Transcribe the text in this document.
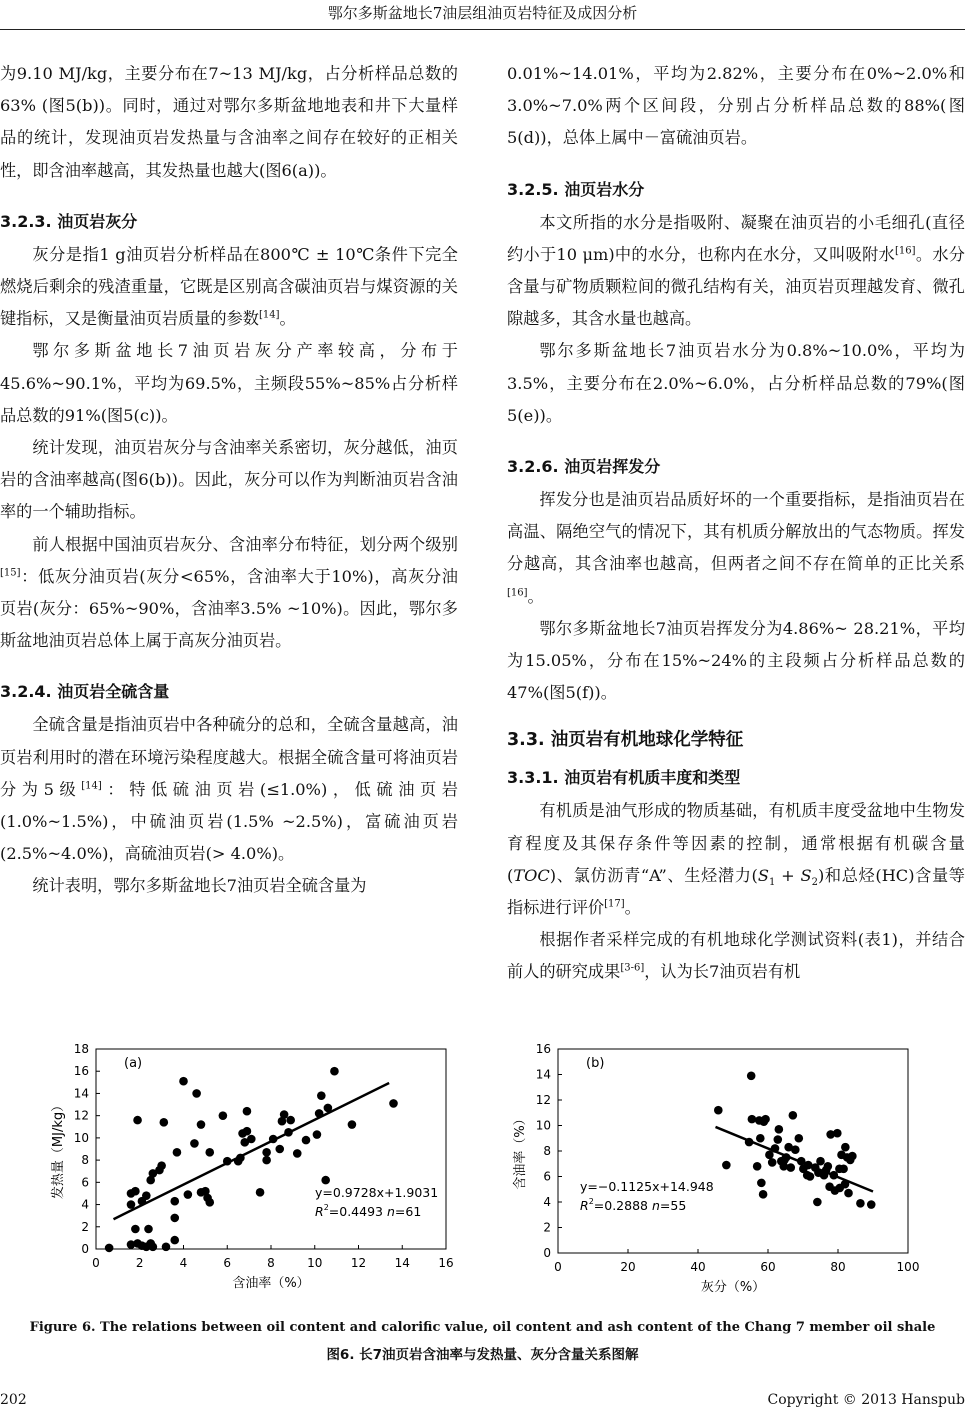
鄂尔多斯盆地长7油层组油页岩特征及成因分析

为9.10 MJ/kg，主要分布在7~13 MJ/kg，占分析样品总数的63% (图5(b))。同时，通过对鄂尔多斯盆地地表和井下大量样品的统计，发现油页岩发热量与含油率之间存在较好的正相关性，即含油率越高，其发热量也越大(图6(a))。

3.2.3. 油页岩灰分

灰分是指1 g油页岩分析样品在800℃ ± 10℃条件下完全燃烧后剩余的残渣重量，它既是区别高含碳油页岩与煤资源的关键指标，又是衡量油页岩质量的参数[14]。

鄂尔多斯盆地长7油页岩灰分产率较高，分布于45.6%~90.1%，平均为69.5%，主频段55%~85%占分析样品总数的91%(图5(c))。

统计发现，油页岩灰分与含油率关系密切，灰分越低，油页岩的含油率越高(图6(b))。因此，灰分可以作为判断油页岩含油率的一个辅助指标。

前人根据中国油页岩灰分、含油率分布特征，划分两个级别[15]：低灰分油页岩(灰分<65%，含油率大于10%)，高灰分油页岩(灰分：65%~90%，含油率3.5% ~10%)。因此，鄂尔多斯盆地油页岩总体上属于高灰分油页岩。

3.2.4. 油页岩全硫含量

全硫含量是指油页岩中各种硫分的总和，全硫含量越高，油页岩利用时的潜在环境污染程度越大。根据全硫含量可将油页岩分为5级[14]：特低硫油页岩(≤1.0%)，低硫油页岩(1.0%~1.5%)，中硫油页岩(1.5% ~2.5%)，富硫油页岩(2.5%~4.0%)，高硫油页岩(> 4.0%)。

统计表明，鄂尔多斯盆地长7油页岩全硫含量为

0.01%~14.01%，平均为2.82%，主要分布在0%~2.0%和3.0%~7.0%两个区间段，分别占分析样品总数的88%(图5(d))，总体上属中－富硫油页岩。

3.2.5. 油页岩水分

本文所指的水分是指吸附、凝聚在油页岩的小毛细孔(直径约小于10 μm)中的水分，也称内在水分，又叫吸附水[16]。水分含量与矿物质颗粒间的微孔结构有关，油页岩页理越发育、微孔隙越多，其含水量也越高。

鄂尔多斯盆地长7油页岩水分为0.8%~10.0%，平均为3.5%，主要分布在2.0%~6.0%，占分析样品总数的79%(图5(e))。

3.2.6. 油页岩挥发分

挥发分也是油页岩品质好坏的一个重要指标，是指油页岩在高温、隔绝空气的情况下，其有机质分解放出的气态物质。挥发分越高，其含油率也越高，但两者之间不存在简单的正比关系[16]。

鄂尔多斯盆地长7油页岩挥发分为4.86%~ 28.21%，平均为15.05%，分布在15%~24%的主段频占分析样品总数的47%(图5(f))。

3.3. 油页岩有机地球化学特征
3.3.1. 油页岩有机质丰度和类型

有机质是油气形成的物质基础，有机质丰度受盆地中生物发育程度及其保存条件等因素的控制，通常根据有机碳含量(TOC)、氯仿沥青“A”、生烃潜力$(S_1 + S_2)$和总烃(HC)含量等指标进行评价[17]。

根据作者采样完成的有机地球化学测试资料(表1)，并结合前人的研究成果[3-6]，认为长7油页岩有机

0	2	4	6	8	10 12 14 16
0
2
4
6
8
10
12
14
16
18
含油率（%）
发热量（MJ/kg）
(a)
y=0.9728x+1.9031
$R^2=0.4493$ n=61
0	20	40	60	80	100
0
2
4
6
8
10
12
14
16
灰分（%）
含油率（%）
(b)
y=−0.1125x+14.948
$R^2=0.2888$ n=55
Figure 6. The relations between oil content and calorific value, oil content and ash content of the Chang 7 member oil shale
图6. 长7油页岩含油率与发热量、灰分含量关系图解
202	Copyright © 2013 Hanspub
